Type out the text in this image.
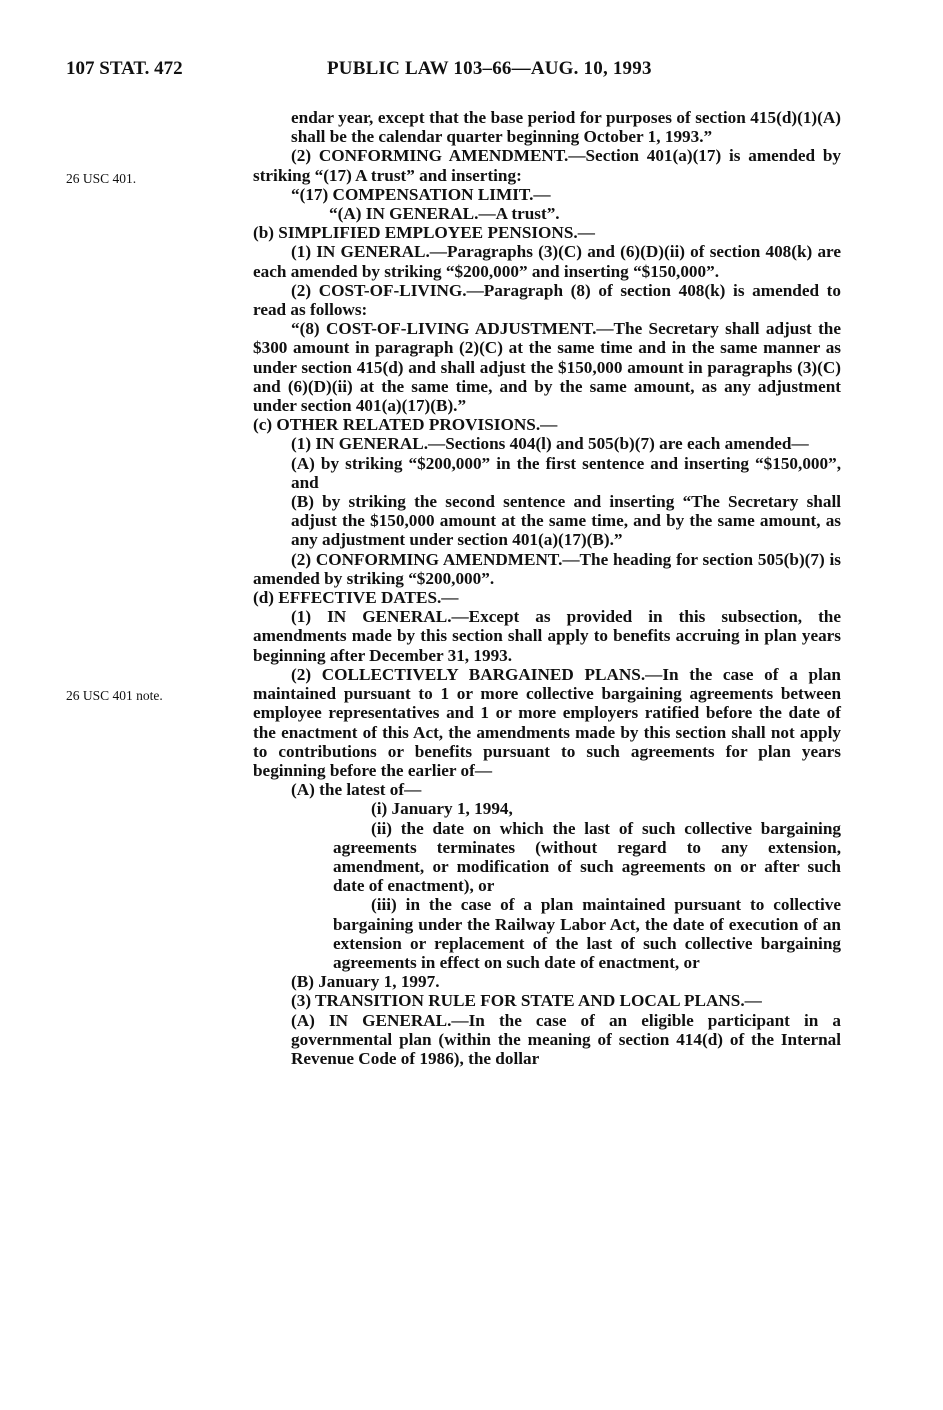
107 STAT. 472	PUBLIC LAW 103–66—AUG. 10, 1993
26 USC 401.
26 USC 401 note.

endar year, except that the base period for purposes of section 415(d)(1)(A) shall be the calendar quarter beginning October 1, 1993.”

(2) CONFORMING AMENDMENT.—Section 401(a)(17) is amended by striking “(17) A trust” and inserting:

“(17) COMPENSATION LIMIT.—

“(A) IN GENERAL.—A trust”.

(b) SIMPLIFIED EMPLOYEE PENSIONS.—

(1) IN GENERAL.—Paragraphs (3)(C) and (6)(D)(ii) of section 408(k) are each amended by striking “$200,000” and inserting “$150,000”.

(2) COST-OF-LIVING.—Paragraph (8) of section 408(k) is amended to read as follows:

“(8) COST-OF-LIVING ADJUSTMENT.—The Secretary shall adjust the $300 amount in paragraph (2)(C) at the same time and in the same manner as under section 415(d) and shall adjust the $150,000 amount in paragraphs (3)(C) and (6)(D)(ii) at the same time, and by the same amount, as any adjustment under section 401(a)(17)(B).”

(c) OTHER RELATED PROVISIONS.—

(1) IN GENERAL.—Sections 404(l) and 505(b)(7) are each amended—

(A) by striking “$200,000” in the first sentence and inserting “$150,000”, and

(B) by striking the second sentence and inserting “The Secretary shall adjust the $150,000 amount at the same time, and by the same amount, as any adjustment under section 401(a)(17)(B).”

(2) CONFORMING AMENDMENT.—The heading for section 505(b)(7) is amended by striking “$200,000”.

(d) EFFECTIVE DATES.—

(1) IN GENERAL.—Except as provided in this subsection, the amendments made by this section shall apply to benefits accruing in plan years beginning after December 31, 1993.

(2) COLLECTIVELY BARGAINED PLANS.—In the case of a plan maintained pursuant to 1 or more collective bargaining agreements between employee representatives and 1 or more employers ratified before the date of the enactment of this Act, the amendments made by this section shall not apply to contributions or benefits pursuant to such agreements for plan years beginning before the earlier of—

(A) the latest of—

(i) January 1, 1994,

(ii) the date on which the last of such collective bargaining agreements terminates (without regard to any extension, amendment, or modification of such agreements on or after such date of enactment), or

(iii) in the case of a plan maintained pursuant to collective bargaining under the Railway Labor Act, the date of execution of an extension or replacement of the last of such collective bargaining agreements in effect on such date of enactment, or

(B) January 1, 1997.

(3) TRANSITION RULE FOR STATE AND LOCAL PLANS.—

(A) IN GENERAL.—In the case of an eligible participant in a governmental plan (within the meaning of section 414(d) of the Internal Revenue Code of 1986), the dollar
